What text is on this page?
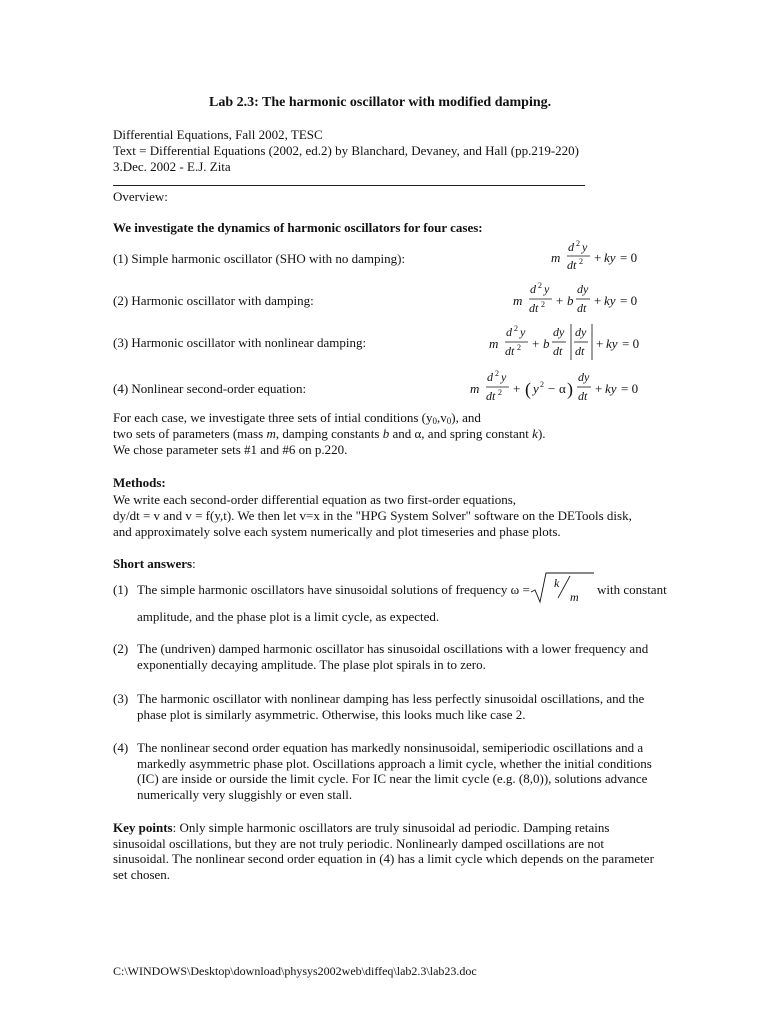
Lab 2.3: The harmonic oscillator with modified damping.
Differential Equations, Fall 2002, TESC
Text = Differential Equations (2002, ed.2) by Blanchard, Devaney, and Hall (pp.219-220)
3.Dec. 2002 - E.J. Zita
Overview:
We investigate the dynamics of harmonic oscillators for four cases:
(1) Simple harmonic oscillator (SHO with no damping):
(2) Harmonic oscillator with damping:
(3) Harmonic oscillator with nonlinear damping:
(4) Nonlinear second-order equation:
m
d 2 y
dt 2 + ky = 0
m
d 2 y
dt 2 + b
dy
dt + ky = 0
m
d 2 y
dt 2 + b
dy
dt
dy
dt + ky = 0
m
d 2 y
dt 2 + ( y 2 − α )
dy
dt + ky = 0
For each case, we investigate three sets of intial conditions $(y_0,v_0)$, and
two sets of parameters (mass m, damping constants b and α, and spring constant k).
We chose parameter sets #1 and #6 on p.220.
Methods:
We write each second-order differential equation as two first-order equations,
dy/dt = v and v = f(y,t). We then let v=x in the "HPG System Solver" software on the DETools disk,
and approximately solve each system numerically and plot timeseries and phase plots.
Short answers:
(1) The simple harmonic oscillators have sinusoidal solutions of frequency ω = k
m with constant
amplitude, and the phase plot is a limit cycle, as expected.
(2) The (undriven) damped harmonic oscillator has sinusoidal oscillations with a lower frequency and exponentially decaying amplitude. The plase plot spirals in to zero.
(3) The harmonic oscillator with nonlinear damping has less perfectly sinusoidal oscillations, and the phase plot is similarly asymmetric. Otherwise, this looks much like case 2.
(4) The nonlinear second order equation has markedly nonsinusoidal, semiperiodic oscillations and a markedly asymmetric phase plot. Oscillations approach a limit cycle, whether the initial conditions (IC) are inside or ourside the limit cycle. For IC near the limit cycle (e.g. (8,0)), solutions advance numerically very sluggishly or even stall.
Key points: Only simple harmonic oscillators are truly sinusoidal ad periodic. Damping retains sinusoidal oscillations, but they are not truly periodic. Nonlinearly damped oscillations are not sinusoidal. The nonlinear second order equation in (4) has a limit cycle which depends on the parameter set chosen.
C:\WINDOWS\Desktop\download\physys2002web\diffeq\lab2.3\lab23.doc
